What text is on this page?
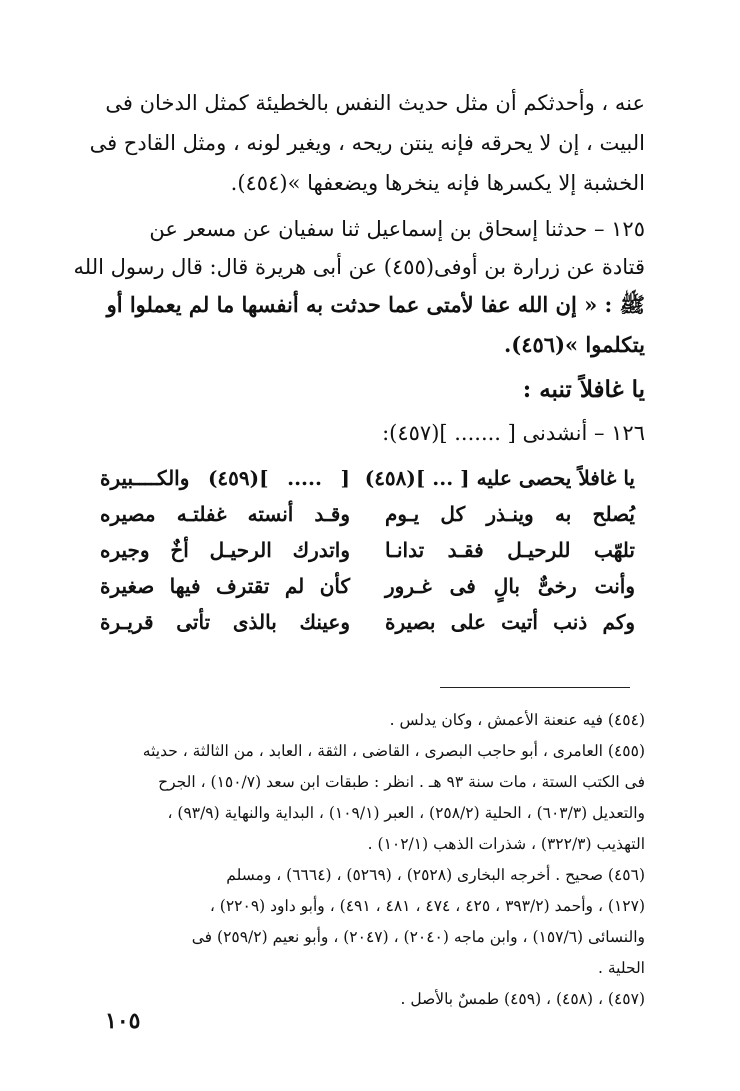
عنه ، وأحدثكم أن مثل حديث النفس بالخطيئة كمثل الدخان فى
البيت ، إن لا يحرقه فإنه ينتن ريحه ، ويغير لونه ، ومثل القادح فى
الخشبة إلا يكسرها فإنه ينخرها ويضعفها »(٤٥٤).
١٢٥ – حدثنا إسحاق بن إسماعيل ثنا سفيان عن مسعر عن
قتادة عن زرارة بن أوفى(٤٥٥) عن أبى هريرة قال: قال رسول الله
ﷺ : « إن الله عفا لأمتى عما حدثت به أنفسها ما لم يعملوا أو
يتكلموا »(٤٥٦).
يا غافلاً تنبه :
١٢٦ – أنشدنى [ ....... ](٤٥٧):
يا غافلاً يحصى عليه [ ... ](٤٥٨)
يُصلح به وينـذر كل يـوم
تلهّب للرحيـل فقـد تدانـا
وأنت رخىٌّ بالٍ فى غـرور
وكم ذنب أتيت على بصيرة
[ ..... ](٤٥٩) والكــــبيرة
وقـد أنسته غفلتـه مصيره
واتدرك الرحيـل أخٌ وجيره
كأن لم تقترف فيها صغيرة
وعينك بالذى تأتى قريـرة
(٤٥٤) فيه عنعنة الأعمش ، وكان يدلس .
(٤٥٥) العامرى ، أبو حاجب البصرى ، القاضى ، الثقة ، العابد ، من الثالثة ، حديثه
فى الكتب الستة ، مات سنة ٩٣ هـ . انظر : طبقات ابن سعد (١٥٠/٧) ، الجرح
والتعديل (٦٠٣/٣) ، الحلية (٢٥٨/٢) ، العبر (١٠٩/١) ، البداية والنهاية (٩٣/٩) ،
التهذيب (٣٢٢/٣) ، شذرات الذهب (١٠٢/١) .
(٤٥٦) صحيح . أخرجه البخارى (٢٥٢٨) ، (٥٢٦٩) ، (٦٦٦٤) ، ومسلم
(١٢٧) ، وأحمد (٣٩٣/٢ ، ٤٢٥ ، ٤٧٤ ، ٤٨١ ، ٤٩١) ، وأبو داود (٢٢٠٩) ،
والنسائى (١٥٧/٦) ، وابن ماجه (٢٠٤٠) ، (٢٠٤٧) ، وأبو نعيم (٢٥٩/٢) فى
الحلية .
(٤٥٧) ، (٤٥٨) ، (٤٥٩) طمسٌ بالأصل .
١٠٥
